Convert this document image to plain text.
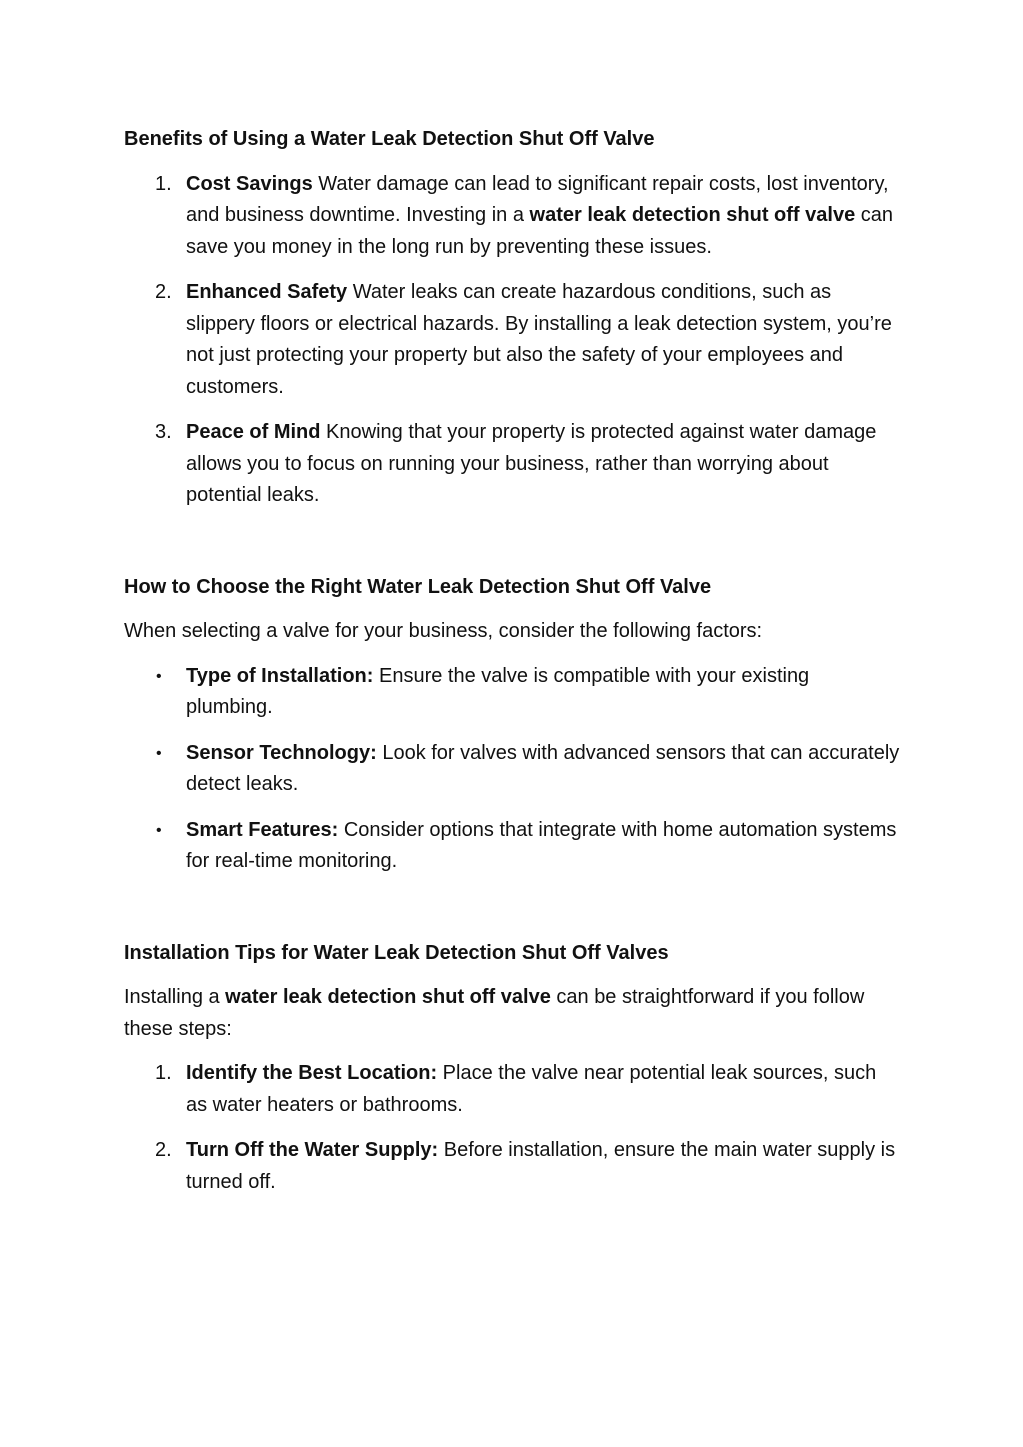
Benefits of Using a Water Leak Detection Shut Off Valve
1. Cost Savings Water damage can lead to significant repair costs, lost inventory, and business downtime. Investing in a water leak detection shut off valve can save you money in the long run by preventing these issues.
2. Enhanced Safety Water leaks can create hazardous conditions, such as slippery floors or electrical hazards. By installing a leak detection system, you’re not just protecting your property but also the safety of your employees and customers.
3. Peace of Mind Knowing that your property is protected against water damage allows you to focus on running your business, rather than worrying about potential leaks.
How to Choose the Right Water Leak Detection Shut Off Valve

When selecting a valve for your business, consider the following factors:

• Type of Installation: Ensure the valve is compatible with your existing plumbing.
• Sensor Technology: Look for valves with advanced sensors that can accurately detect leaks.
• Smart Features: Consider options that integrate with home automation systems for real-time monitoring.
Installation Tips for Water Leak Detection Shut Off Valves

Installing a water leak detection shut off valve can be straightforward if you follow these steps:

1. Identify the Best Location: Place the valve near potential leak sources, such as water heaters or bathrooms.
2. Turn Off the Water Supply: Before installation, ensure the main water supply is turned off.
